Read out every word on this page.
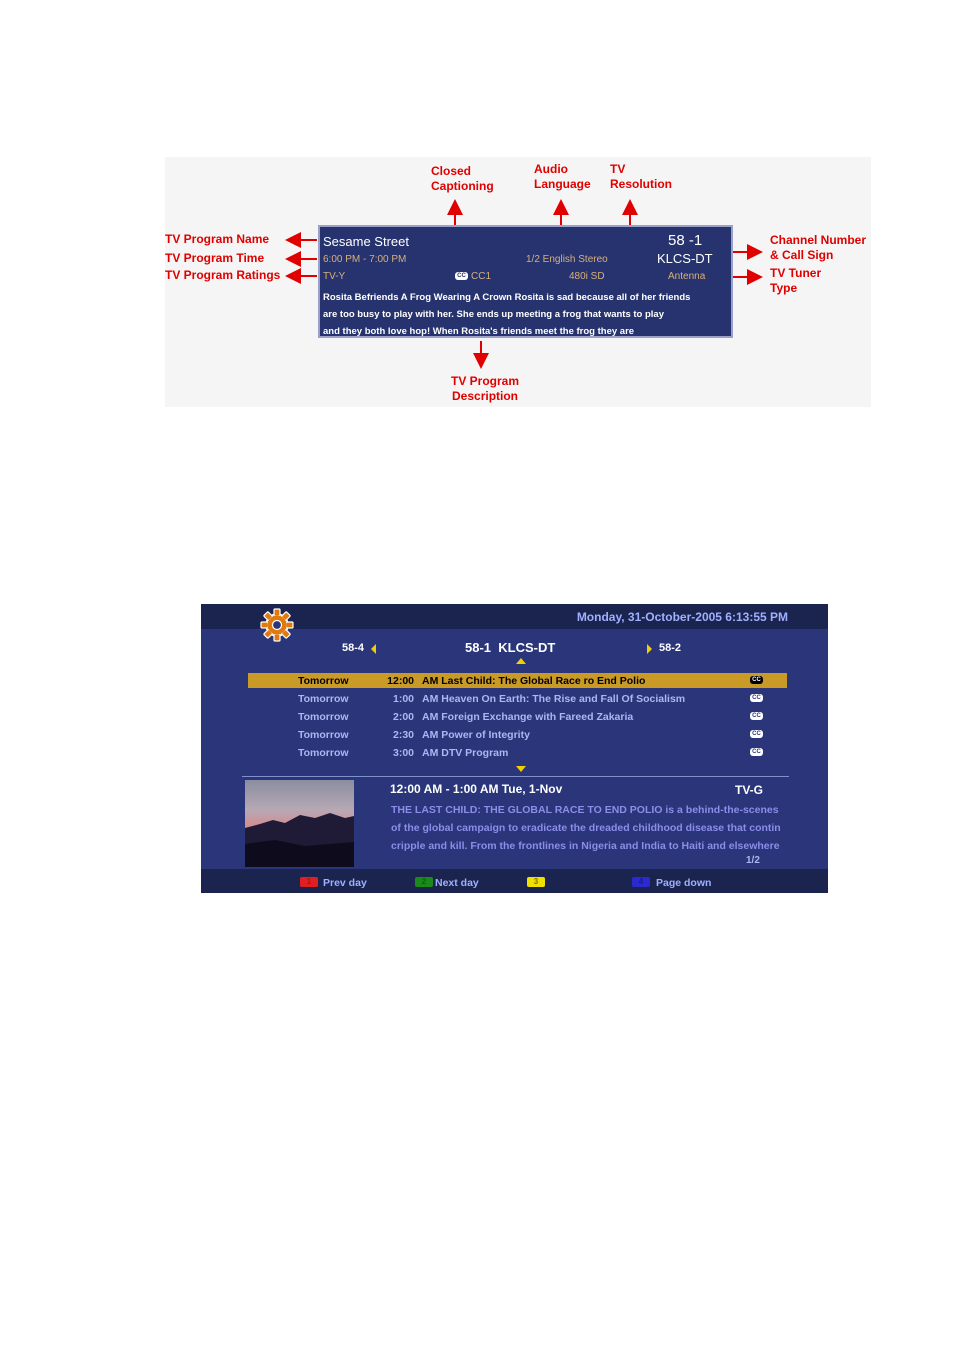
Closed
Captioning
Audio
Language
TV
Resolution
TV Program Name
TV Program Time
TV Program Ratings
Channel Number
& Call Sign
TV Tuner
Type
TV Program
Description
Sesame Street
6:00 PM - 7:00 PM
TV-Y	CC CC1
1/2 English Stereo
480i SD
58 -1
KLCS-DT
Antenna
Rosita Befriends A Frog Wearing A Crown Rosita is sad because all of her friends
are too busy to play with her. She ends up meeting a frog that wants to play
and they both love hop! When Rosita's friends meet the frog they are
Monday, 31-October-2005 6:13:55 PM
58-4	58-1  KLCS-DT	58-2
Tomorrow	12:00 AM Last Child: The Global Race ro End Polio	CC
Tomorrow	1:00 AM Heaven On Earth: The Rise and Fall Of Socialism	CC
Tomorrow	2:00 AM Foreign Exchange with Fareed Zakaria	CC
Tomorrow	2:30 AM Power of Integrity	CC
Tomorrow	3:00 AM DTV Program	CC
12:00 AM - 1:00 AM Tue, 1-Nov	TV-G
THE LAST CHILD: THE GLOBAL RACE TO END POLIO is a behind-the-scenes
of the global campaign to eradicate the dreaded childhood disease that contin
cripple and kill. From the frontlines in Nigeria and India to Haiti and elsewhere
1/2
1	Prev day	2 Next day	3	4	Page down
